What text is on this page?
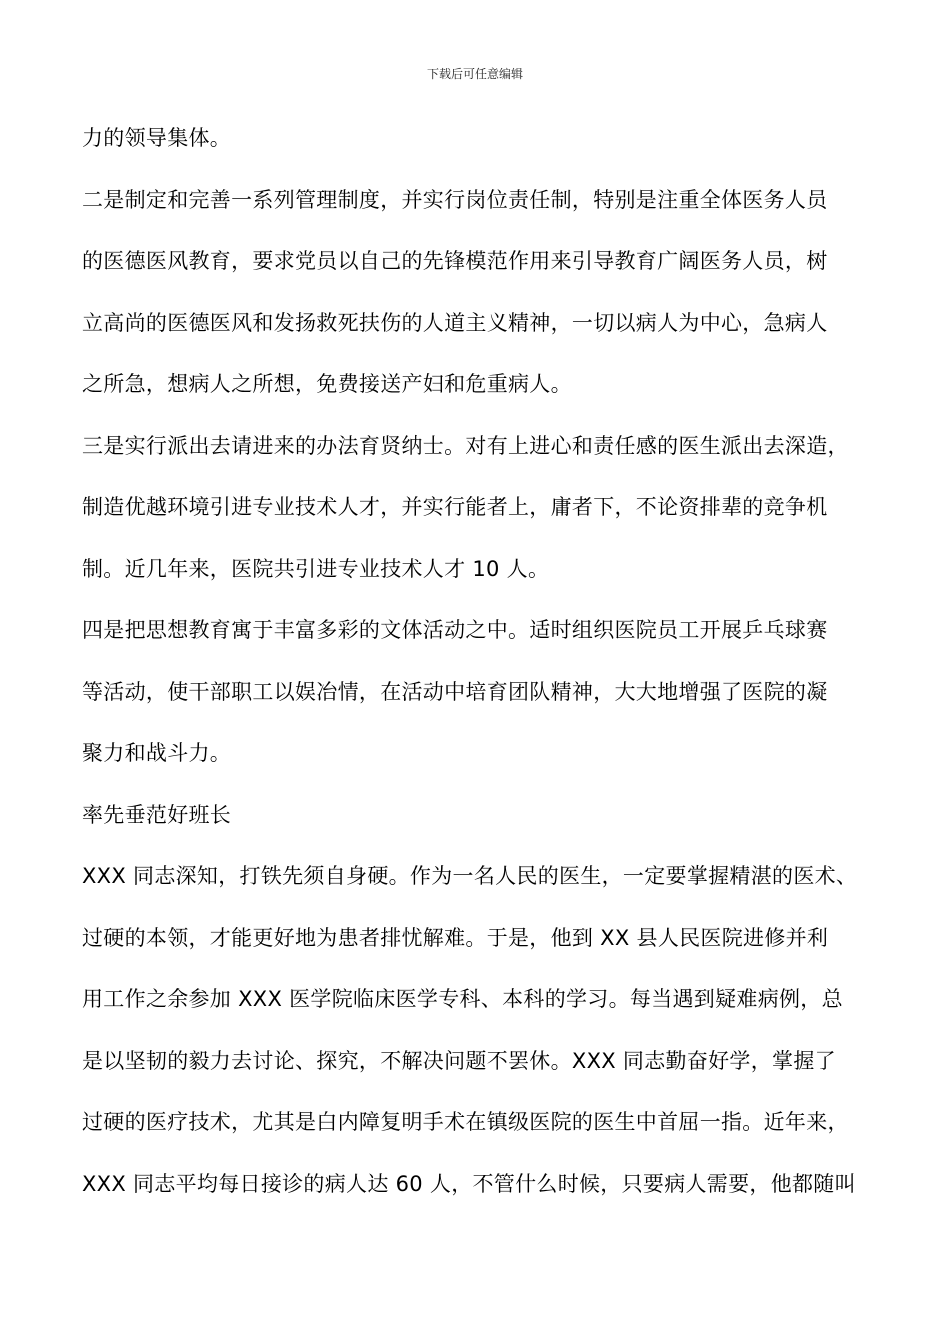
下载后可任意编辑
力的领导集体。
二是制定和完善一系列管理制度，并实行岗位责任制，特别是注重全体医务人员
的医德医风教育，要求党员以自己的先锋模范作用来引导教育广阔医务人员，树
立高尚的医德医风和发扬救死扶伤的人道主义精神，一切以病人为中心，急病人
之所急，想病人之所想，免费接送产妇和危重病人。
三是实行派出去请进来的办法育贤纳士。对有上进心和责任感的医生派出去深造，
制造优越环境引进专业技术人才，并实行能者上，庸者下，不论资排辈的竞争机
制。近几年来，医院共引进专业技术人才 10 人。
四是把思想教育寓于丰富多彩的文体活动之中。适时组织医院员工开展乒乓球赛
等活动，使干部职工以娱冶情，在活动中培育团队精神，大大地增强了医院的凝
聚力和战斗力。
率先垂范好班长
XXX 同志深知，打铁先须自身硬。作为一名人民的医生，一定要掌握精湛的医术、
过硬的本领，才能更好地为患者排忧解难。于是，他到 XX 县人民医院进修并利
用工作之余参加 XXX 医学院临床医学专科、本科的学习。每当遇到疑难病例，总
是以坚韧的毅力去讨论、探究，不解决问题不罢休。XXX 同志勤奋好学，掌握了
过硬的医疗技术，尤其是白内障复明手术在镇级医院的医生中首屈一指。近年来，
XXX 同志平均每日接诊的病人达 60 人，不管什么时候，只要病人需要，他都随叫
